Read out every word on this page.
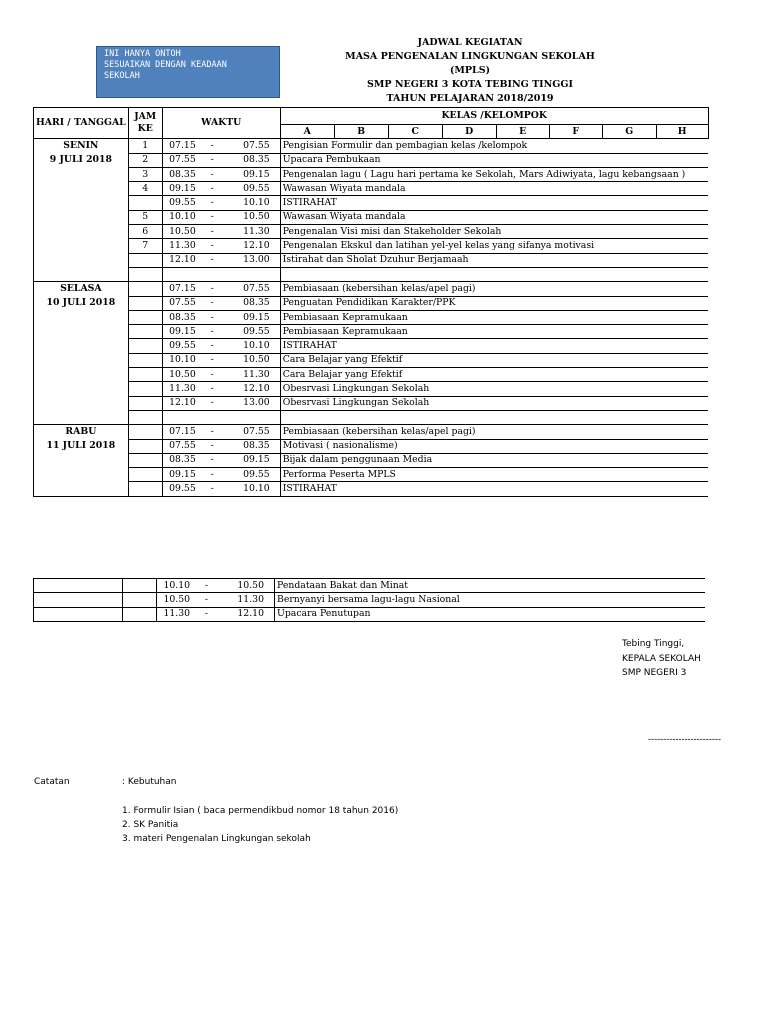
INI HANYA ONTOH
SESUAIKAN DENGAN KEADAAN
SEKOLAH
JADWAL KEGIATAN
MASA PENGENALAN LINGKUNGAN SEKOLAH (MPLS)
SMP NEGERI 3 KOTA TEBING TINGGI
TAHUN PELAJARAN 2018/2019
HARI / TANGGAL	JAM KE	WAKTU			KELAS /KELOMPOK							
					A	B	C	D	E	F	G	H
SENIN	1	07.15	-	07.55	Pengisian Formulir dan pembagian kelas /kelompok							
9 JULI 2018	2	07.55	-	08.35	Upacara Pembukaan							
	3	08.35	-	09.15	Pengenalan lagu ( Lagu hari pertama ke Sekolah, Mars Adiwiyata, lagu kebangsaan )							
	4	09.15	-	09.55	Wawasan Wiyata mandala							
		09.55	-	10.10	ISTIRAHAT							
	5	10.10	-	10.50	Wawasan Wiyata mandala							
	6	10.50	-	11.30	Pengenalan Visi misi dan Stakeholder Sekolah							
	7	11.30	-	12.10	Pengenalan Ekskul dan latihan yel-yel kelas yang sifanya motivasi							
		12.10	-	13.00	Istirahat dan Sholat Dzuhur Berjamaah							

SELASA		07.15	-	07.55	Pembiasaan (kebersihan kelas/apel pagi)							
10 JULI 2018		07.55	-	08.35	Penguatan Pendidikan Karakter/PPK							
		08.35	-	09.15	Pembiasaan Kepramukaan							
		09.15	-	09.55	Pembiasaan Kepramukaan							
		09.55	-	10.10	ISTIRAHAT							
		10.10	-	10.50	Cara Belajar yang Efektif							
		10.50	-	11.30	Cara Belajar yang Efektif							
		11.30	-	12.10	Obesrvasi Lingkungan Sekolah							
		12.10	-	13.00	Obesrvasi Lingkungan Sekolah							

RABU		07.15	-	07.55	Pembiasaan (kebersihan kelas/apel pagi)							
11 JULI 2018		07.55	-	08.35	Motivasi ( nasionalisme)							
		08.35	-	09.15	Bijak dalam penggunaan Media							
		09.15	-	09.55	Performa Peserta MPLS							
		09.55	-	10.10	ISTIRAHAT							
		10.10	-	10.50	Pendataan Bakat dan Minat
		10.50	-	11.30	Bernyanyi bersama lagu-lagu Nasional
		11.30	-	12.10	Upacara Penutupan
Tebing Tinggi,
KEPALA SEKOLAH
SMP NEGERI 3
------------------------
Catatan	: Kebutuhan
1. Formulir Isian ( baca permendikbud nomor 18 tahun 2016)
2. SK Panitia
3. materi Pengenalan Lingkungan sekolah
